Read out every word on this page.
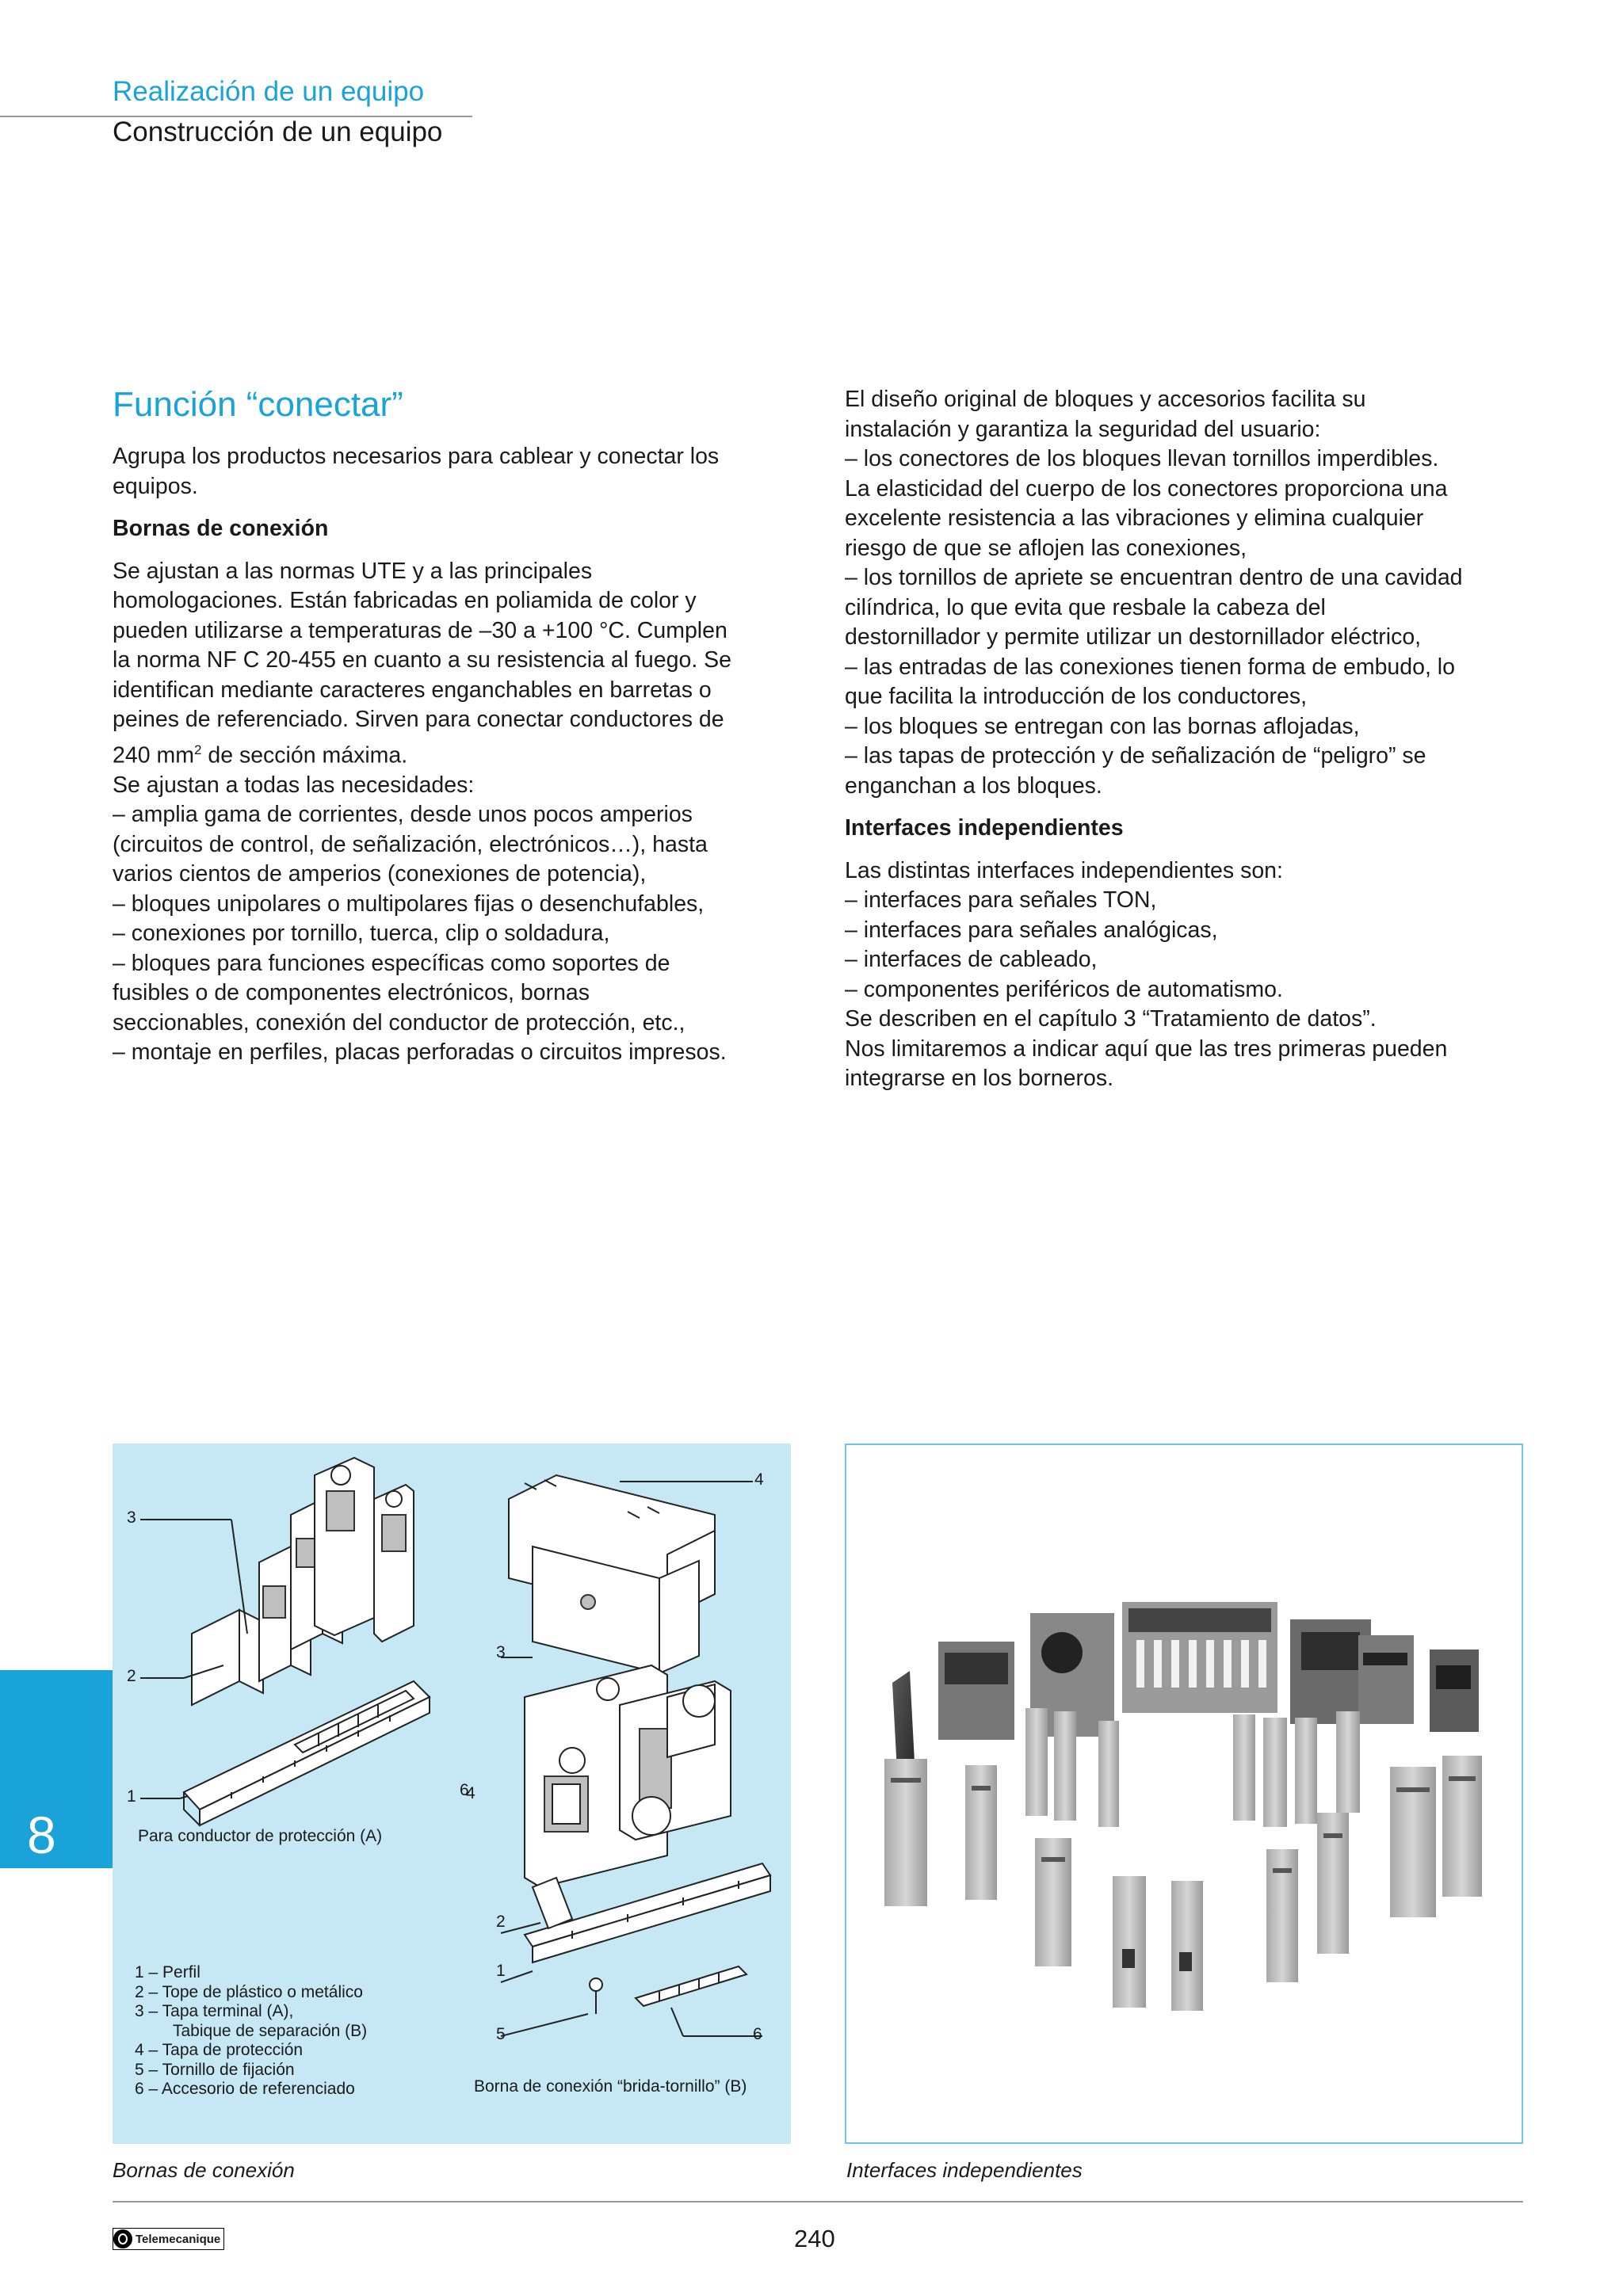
Realización de un equipo
Construcción de un equipo
Función “conectar”

Agrupa los productos necesarios para cablear y conectar los

equipos.

Bornas de conexión

Se ajustan a las normas UTE y a las principales

homologaciones. Están fabricadas en poliamida de color y

pueden utilizarse a temperaturas de –30 a +100 °C. Cumplen

la norma NF C 20-455 en cuanto a su resistencia al fuego. Se

identifican mediante caracteres enganchables en barretas o

peines de referenciado. Sirven para conectar conductores de

240 $mm^2$ de sección máxima.

Se ajustan a todas las necesidades:

– amplia gama de corrientes, desde unos pocos amperios

(circuitos de control, de señalización, electrónicos…), hasta

varios cientos de amperios (conexiones de potencia),

– bloques unipolares o multipolares fijas o desenchufables,

– conexiones por tornillo, tuerca, clip o soldadura,

– bloques para funciones específicas como soportes de

fusibles o de componentes electrónicos, bornas

seccionables, conexión del conductor de protección, etc.,

– montaje en perfiles, placas perforadas o circuitos impresos.

El diseño original de bloques y accesorios facilita su

instalación y garantiza la seguridad del usuario:

– los conectores de los bloques llevan tornillos imperdibles.

La elasticidad del cuerpo de los conectores proporciona una

excelente resistencia a las vibraciones y elimina cualquier

riesgo de que se aflojen las conexiones,

– los tornillos de apriete se encuentran dentro de una cavidad

cilíndrica, lo que evita que resbale la cabeza del

destornillador y permite utilizar un destornillador eléctrico,

– las entradas de las conexiones tienen forma de embudo, lo

que facilita la introducción de los conductores,

– los bloques se entregan con las bornas aflojadas,

– las tapas de protección y de señalización de “peligro” se

enganchan a los bloques.

Interfaces independientes

Las distintas interfaces independientes son:

– interfaces para señales TON,

– interfaces para señales analógicas,

– interfaces de cableado,

– componentes periféricos de automatismo.

Se describen en el capítulo 3 “Tratamiento de datos”.

Nos limitaremos a indicar aquí que las tres primeras pueden

integrarse en los borneros.

8
3
2
1
4
3
6
4
2
1
5	6
Para conductor de protección (A)
Borna de conexión “brida-tornillo” (B)

1 – Perfil

2 – Tope de plástico o metálico

3 – Tapa terminal (A),

Tabique de separación (B)

4 – Tapa de protección

5 – Tornillo de fijación

6 – Accesorio de referenciado

Bornas de conexión	Interfaces independientes
Telemecanique	240
